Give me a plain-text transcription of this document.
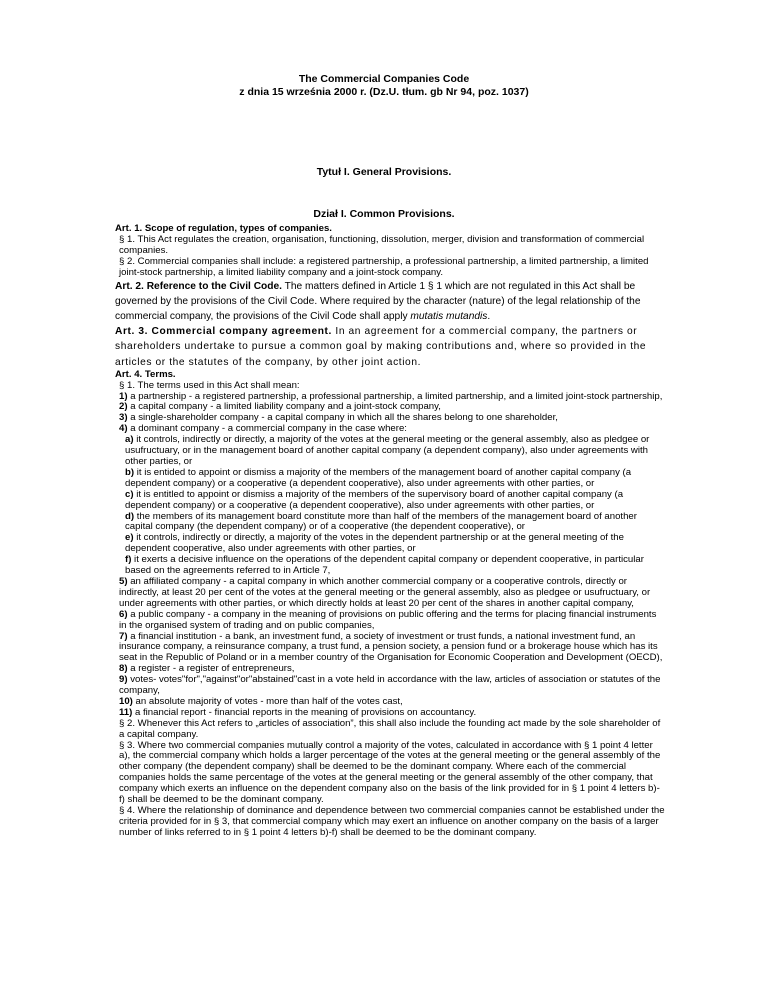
The Commercial Companies Code
z dnia 15 września 2000 r. (Dz.U. tłum. gb Nr 94, poz. 1037)
Tytuł I. General Provisions.
Dział I. Common Provisions.

Art. 1. Scope of regulation, types of companies.

§ 1. This Act regulates the creation, organisation, functioning, dissolution, merger, division and transformation of commercial companies.

§ 2. Commercial companies shall include: a registered partnership, a professional partnership, a limited partnership, a limited joint-stock partnership, a limited liability company and a joint-stock company.

Art. 2. Reference to the Civil Code. The matters defined in Article 1 § 1 which are not regulated in this Act shall be governed by the provisions of the Civil Code. Where required by the character (nature) of the legal relationship of the commercial company, the provisions of the Civil Code shall apply mutatis mutandis.

Art. 3. Commercial company agreement. In an agreement for a commercial company, the partners or shareholders undertake to pursue a common goal by making contributions and, where so provided in the articles or the statutes of the company, by other joint action.

Art. 4. Terms.

§ 1. The terms used in this Act shall mean:

1) a partnership - a registered partnership, a professional partnership, a limited partnership, and a limited joint-stock partnership,

2) a capital company - a limited liability company and a joint-stock company,

3) a single-shareholder company - a capital company in which all the shares belong to one shareholder,

4) a dominant company - a commercial company in the case where:

a) it controls, indirectly or directly, a majority of the votes at the general meeting or the general assembly, also as pledgee or usufructuary, or in the management board of another capital company (a dependent company), also under agreements with other parties, or

b) it is entided to appoint or dismiss a majority of the members of the management board of another capital company (a dependent company) or a cooperative (a dependent cooperative), also under agreements with other parties, or

c) it is entitled to appoint or dismiss a majority of the members of the supervisory board of another capital company (a dependent company) or a cooperative (a dependent cooperative), also under agreements with other parties, or

d) the members of its management board constitute more than half of the members of the management board of another capital company (the dependent company) or of a cooperative (the dependent cooperative), or

e) it controls, indirectly or directly, a majority of the votes in the dependent partnership or at the general meeting of the dependent cooperative, also under agreements with other parties, or

f) it exerts a decisive influence on the operations of the dependent capital company or dependent cooperative, in particular based on the agreements referred to in Article 7,

5) an affiliated company - a capital company in which another commercial company or a cooperative controls, directly or indirectly, at least 20 per cent of the votes at the general meeting or the general assembly, also as pledgee or usufructuary, or under agreements with other parties, or which directly holds at least 20 per cent of the shares in another capital company,

6) a public company - a company in the meaning of provisions on public offering and the terms for placing financial instruments in the organised system of trading and on public companies,

7) a financial institution - a bank, an investment fund, a society of investment or trust funds, a national investment fund, an insurance company, a reinsurance company, a trust fund, a pension society, a pension fund or a brokerage house which has its seat in the Republic of Poland or in a member country of the Organisation for Economic Cooperation and Development (OECD),

8) a register - a register of entrepreneurs,

9) votes- votes"for","against"or"abstained"cast in a vote held in accordance with the law, articles of association or statutes of the company,

10) an absolute majority of votes - more than half of the votes cast,

11) a financial report - financial reports in the meaning of provisions on accountancy.

§ 2. Whenever this Act refers to „articles of association”, this shall also include the founding act made by the sole shareholder of a capital company.

§ 3. Where two commercial companies mutually control a majority of the votes, calculated in accordance with § 1 point 4 letter a), the commercial company which holds a larger percentage of the votes at the general meeting or the general assembly of the other company (the dependent company) shall be deemed to be the dominant company. Where each of the commercial companies holds the same percentage of the votes at the general meeting or the general assembly of the other company, that company which exerts an influence on the dependent company also on the basis of the link provided for in § 1 point 4 letters b)-f) shall be deemed to be the dominant company.

§ 4. Where the relationship of dominance and dependence between two commercial companies cannot be established under the criteria provided for in § 3, that commercial company which may exert an influence on another company on the basis of a larger number of links referred to in § 1 point 4 letters b)-f) shall be deemed to be the dominant company.
